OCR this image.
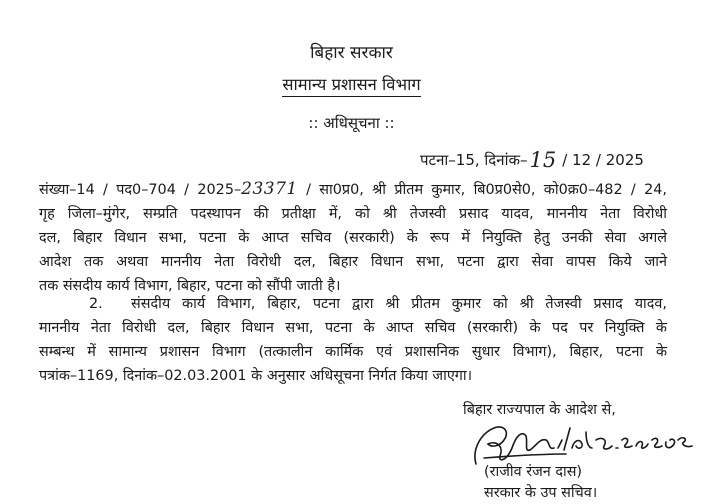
बिहार सरकार
सामान्य प्रशासन विभाग
:: अधिसूचना ::
पटना–15, दिनांक–15 / 12 / 2025
संख्या–14 / पद0–704 / 2025–23371 / सा0प्र0, श्री प्रीतम कुमार, बि0प्र0से0, को0क्र0–482 / 24,
गृह जिला–मुंगेर, सम्प्रति पदस्थापन की प्रतीक्षा में, को श्री तेजस्वी प्रसाद यादव, माननीय नेता विरोधी
दल, बिहार विधान सभा, पटना के आप्त सचिव (सरकारी) के रूप में नियुक्ति हेतु उनकी सेवा अगले
आदेश तक अथवा माननीय नेता विरोधी दल, बिहार विधान सभा, पटना द्वारा सेवा वापस किये जाने
तक संसदीय कार्य विभाग, बिहार, पटना को सौंपी जाती है।
2. संसदीय कार्य विभाग, बिहार, पटना द्वारा श्री प्रीतम कुमार को श्री तेजस्वी प्रसाद यादव,
माननीय नेता विरोधी दल, बिहार विधान सभा, पटना के आप्त सचिव (सरकारी) के पद पर नियुक्ति के
सम्बन्ध में सामान्य प्रशासन विभाग (तत्कालीन कार्मिक एवं प्रशासनिक सुधार विभाग), बिहार, पटना के
पत्रांक–1169, दिनांक–02.03.2001 के अनुसार अधिसूचना निर्गत किया जाएगा।
बिहार राज्यपाल के आदेश से,
(राजीव रंजन दास)
सरकार के उप सचिव।
